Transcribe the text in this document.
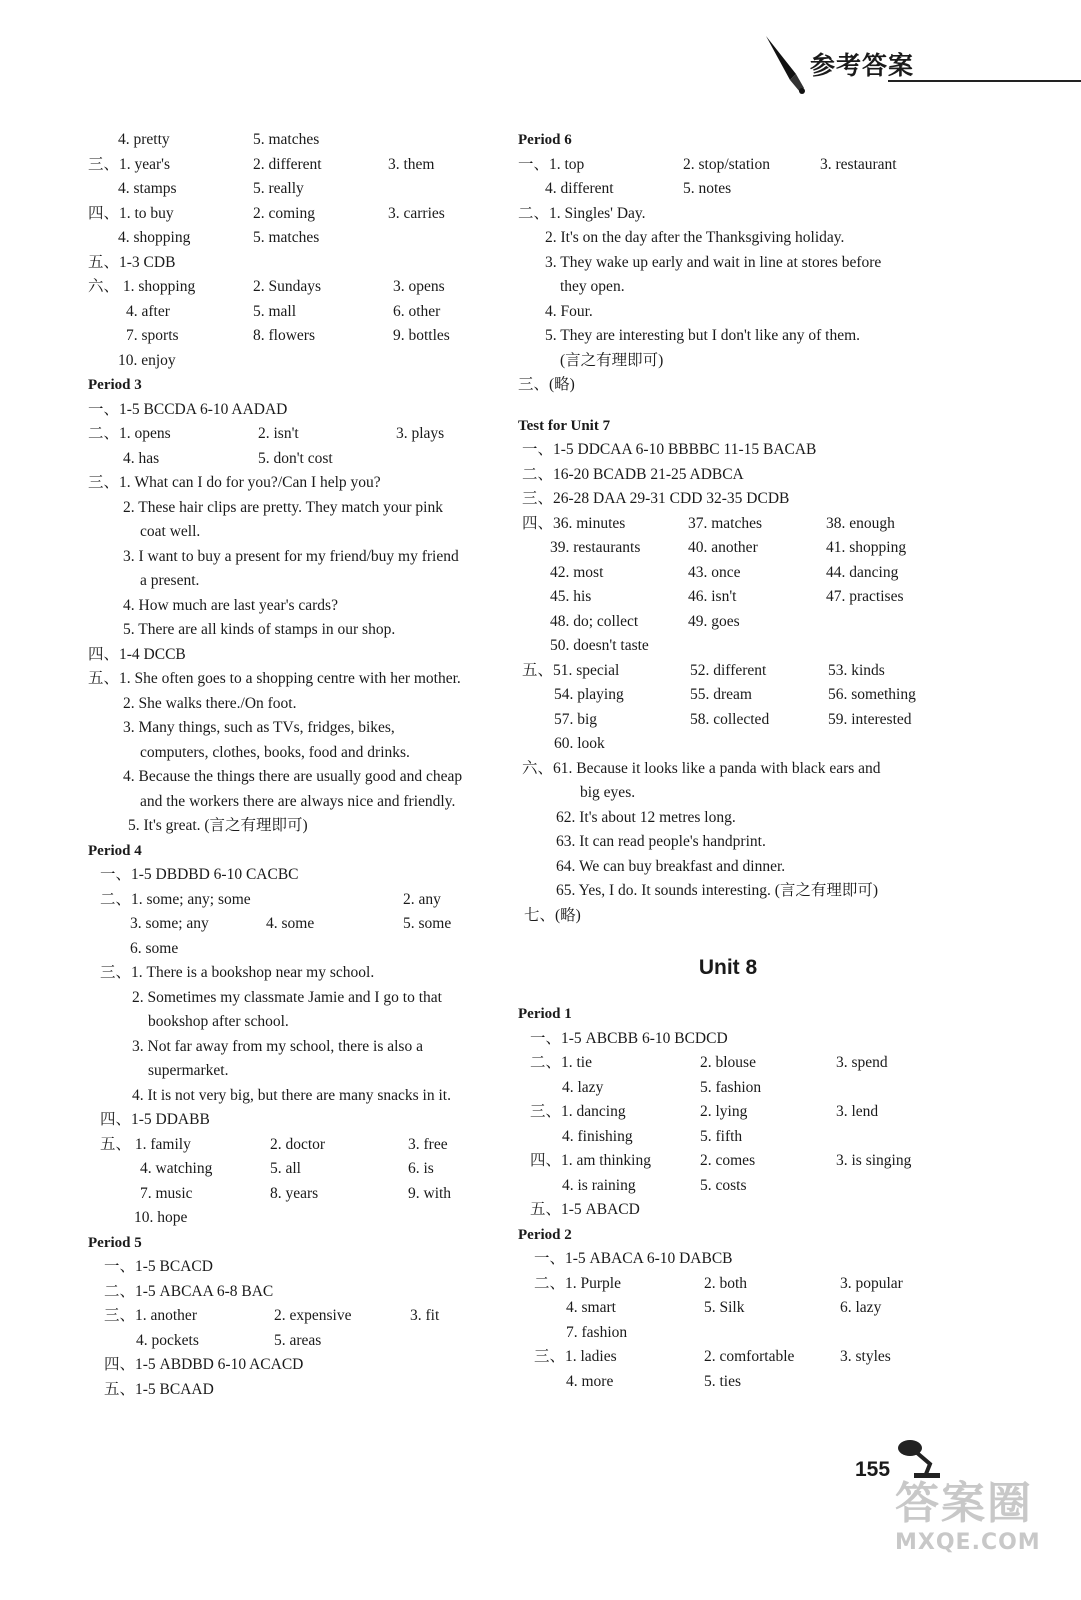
参考答案
4. pretty	5. matches
三、1. year's	2. different	3. them
4. stamps	5. really
四、1. to buy	2. coming	3. carries
4. shopping	5. matches
五、1-3 CDB
六、 1. shopping	2. Sundays	3. opens
4. after	5. mall	6. other
7. sports	8. flowers	9. bottles
10. enjoy
Period 3
一、1-5 BCCDA 6-10 AADAD
二、1. opens	2. isn't	3. plays
4. has	5. don't cost
三、1. What can I do for you?/Can I help you?
2. These hair clips are pretty. They match your pink
coat well.
3. I want to buy a present for my friend/buy my friend
a present.
4. How much are last year's cards?
5. There are all kinds of stamps in our shop.
四、1-4 DCCB
五、1. She often goes to a shopping centre with her mother.
2. She walks there./On foot.
3. Many things, such as TVs, fridges, bikes,
computers, clothes, books, food and drinks.
4. Because the things there are usually good and cheap
and the workers there are always nice and friendly.
5. It's great. (言之有理即可)
Period 4
一、1-5 DBDBD 6-10 CACBC
二、1. some; any; some	2. any
3. some; any	4. some	5. some
6. some
三、1. There is a bookshop near my school.
2. Sometimes my classmate Jamie and I go to that
bookshop after school.
3. Not far away from my school, there is also a
supermarket.
4. It is not very big, but there are many snacks in it.
四、1-5 DDABB
五、 1. family	2. doctor	3. free
4. watching	5. all	6. is
7. music	8. years	9. with
10. hope
Period 5
一、1-5 BCACD
二、1-5 ABCAA 6-8 BAC
三、1. another	2. expensive	3. fit
4. pockets	5. areas
四、1-5 ABDBD 6-10 ACACD
五、1-5 BCAAD
Period 6
一、1. top	2. stop/station	3. restaurant
4. different	5. notes
二、1. Singles' Day.
2. It's on the day after the Thanksgiving holiday.
3. They wake up early and wait in line at stores before
they open.
4. Four.
5. They are interesting but I don't like any of them.
(言之有理即可)
三、(略)
Test for Unit 7
一、1-5 DDCAA 6-10 BBBBC 11-15 BACAB
二、16-20 BCADB 21-25 ADBCA
三、26-28 DAA 29-31 CDD 32-35 DCDB
四、36. minutes	37. matches	38. enough
39. restaurants	40. another	41. shopping
42. most	43. once	44. dancing
45. his	46. isn't	47. practises
48. do; collect	49. goes
50. doesn't taste
五、51. special	52. different	53. kinds
54. playing	55. dream	56. something
57. big	58. collected	59. interested
60. look
六、61. Because it looks like a panda with black ears and
big eyes.
62. It's about 12 metres long.
63. It can read people's handprint.
64. We can buy breakfast and dinner.
65. Yes, I do. It sounds interesting. (言之有理即可)
七、(略)
Unit 8
Period 1
一、1-5 ABCBB 6-10 BCDCD
二、1. tie	2. blouse	3. spend
4. lazy	5. fashion
三、1. dancing	2. lying	3. lend
4. finishing	5. fifth
四、1. am thinking	2. comes	3. is singing
4. is raining	5. costs
五、1-5 ABACD
Period 2
一、1-5 ABACA 6-10 DABCB
二、1. Purple	2. both	3. popular
4. smart	5. Silk	6. lazy
7. fashion
三、1. ladies	2. comfortable	3. styles
4. more	5. ties
155
答案圈
MXQE.COM
